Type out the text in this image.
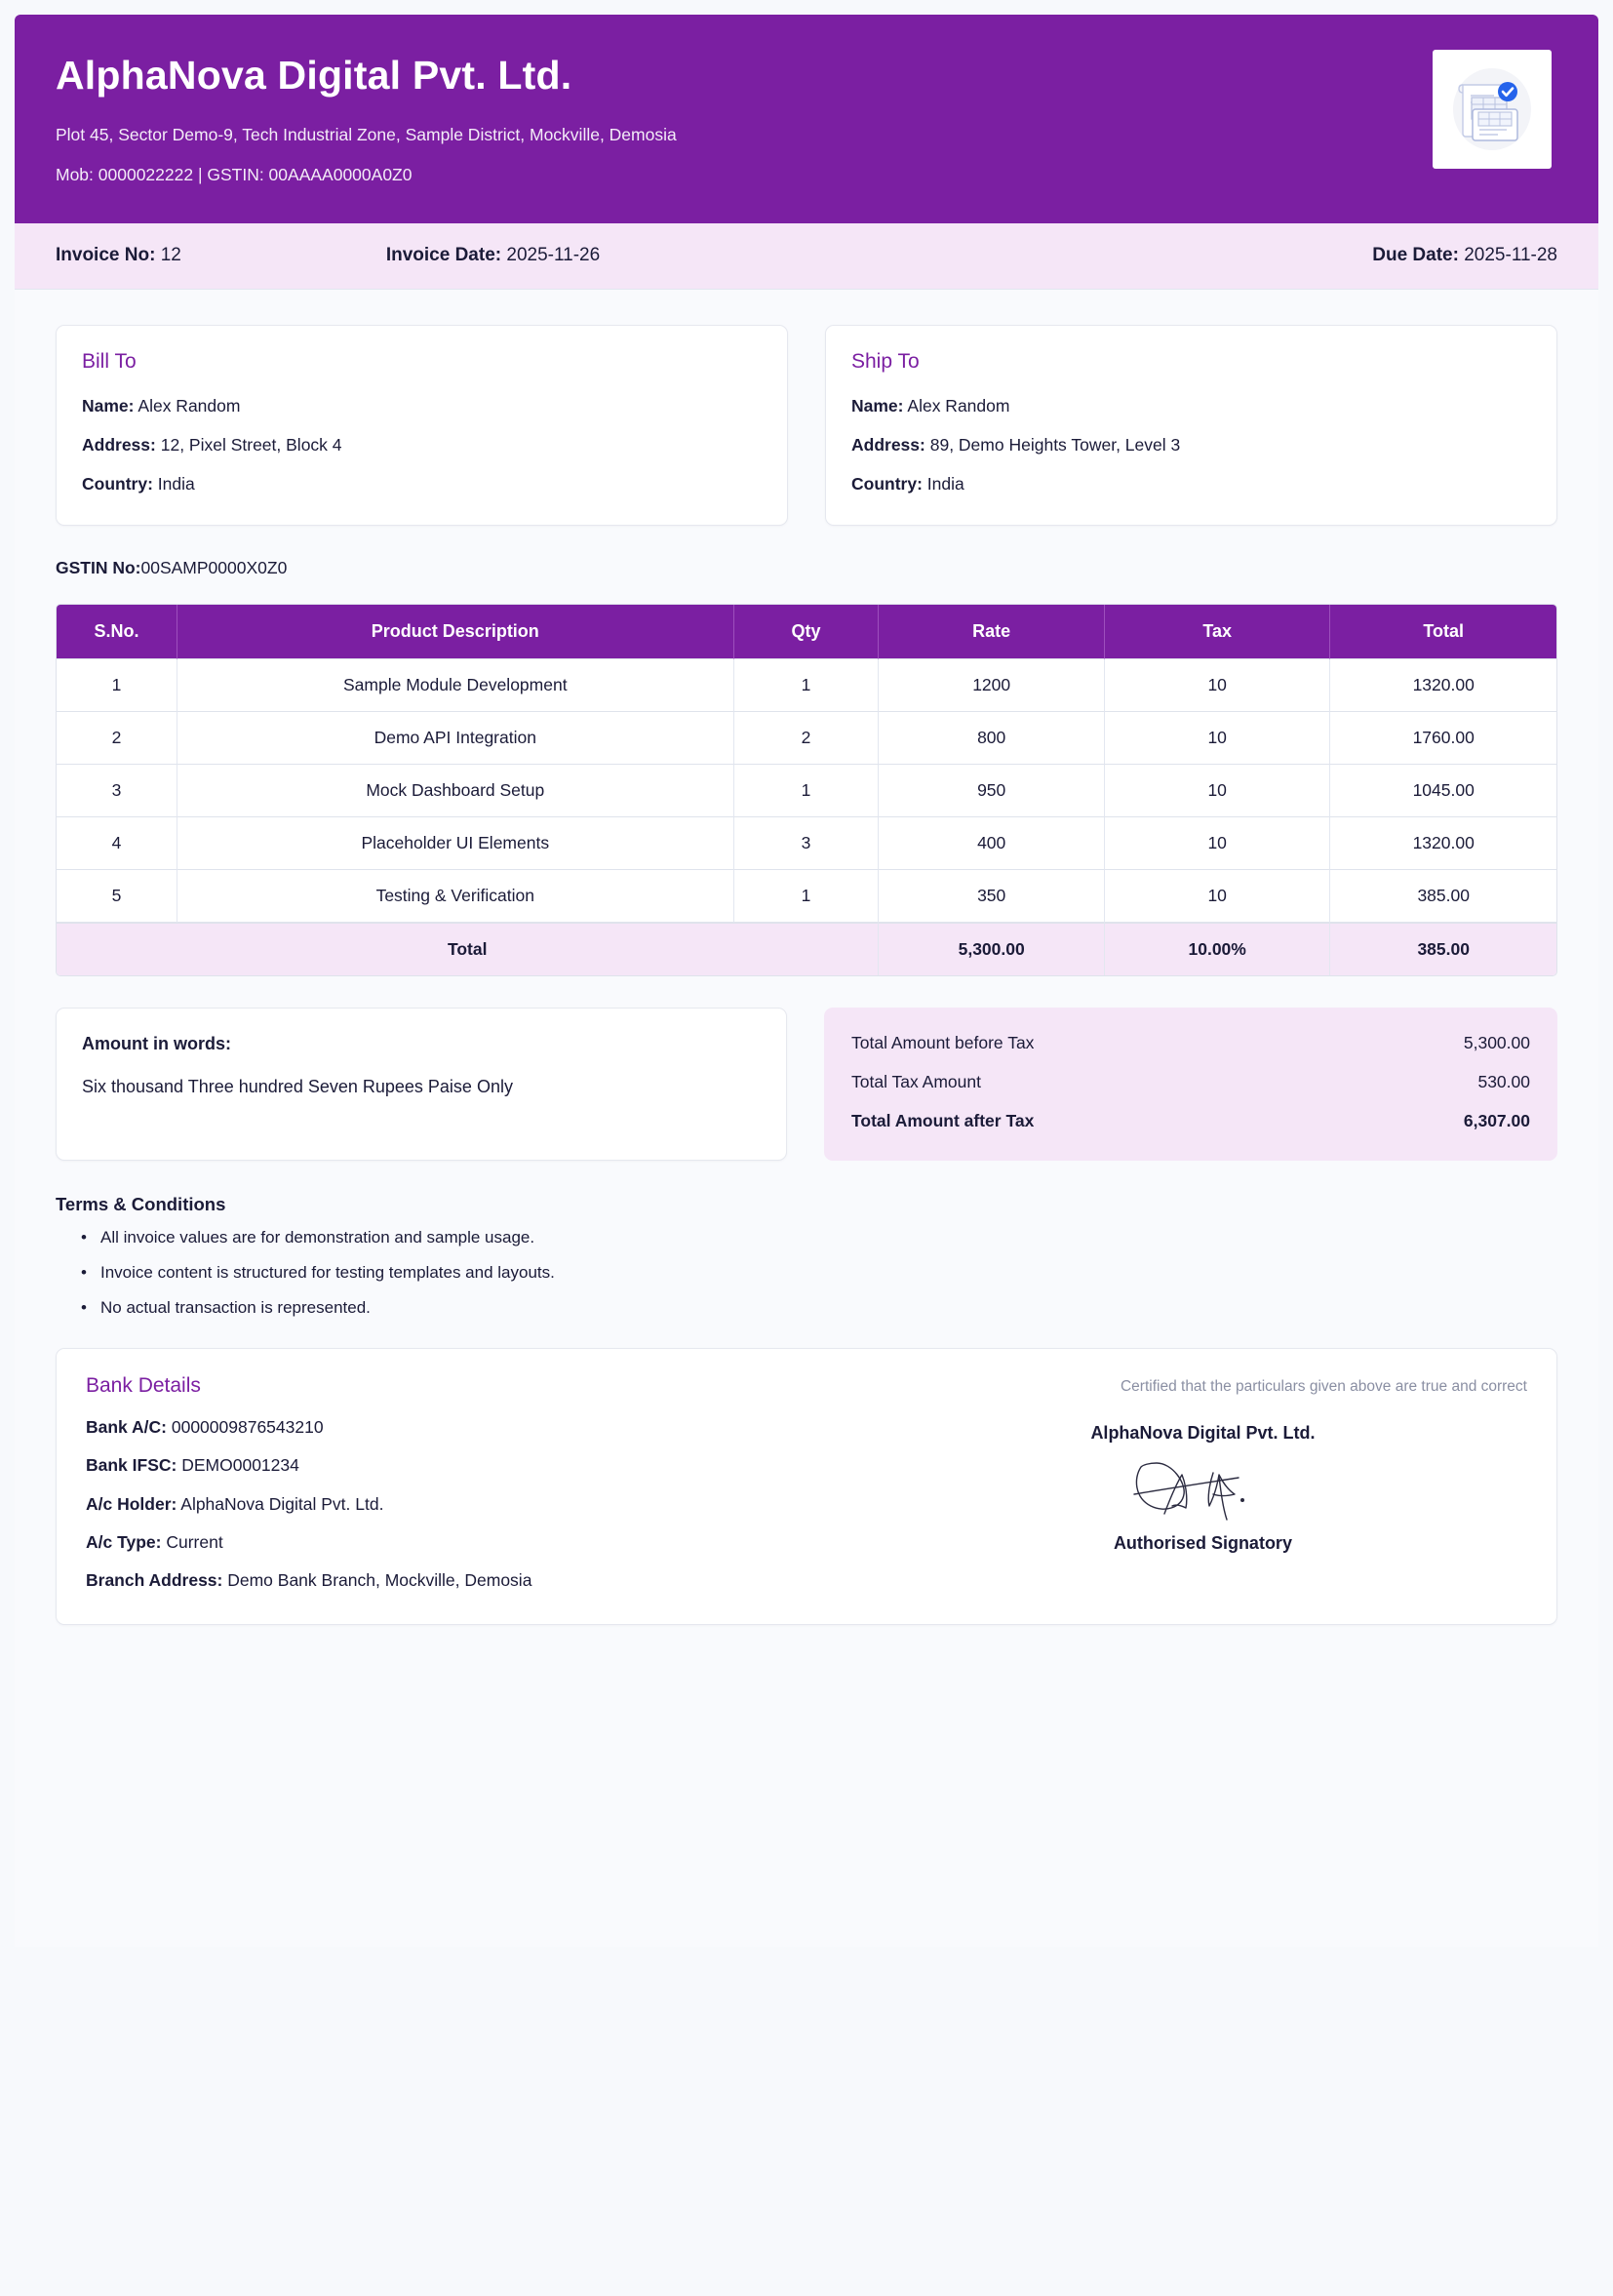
AlphaNova Digital Pvt. Ltd.

Plot 45, Sector Demo-9, Tech Industrial Zone, Sample District, Mockville, Demosia

Mob: 0000022222 | GSTIN: 00AAAA0000A0Z0

Invoice No: 12	Invoice Date: 2025-11-26	Due Date: 2025-11-28
Bill To

Name: Alex Random

Address: 12, Pixel Street, Block 4

Country: India

Ship To

Name: Alex Random

Address: 89, Demo Heights Tower, Level 3

Country: India

GSTIN No:00SAMP0000X0Z0
S.No.	Product Description	Qty	Rate	Tax	Total
1	Sample Module Development	1	1200	10	1320.00
2	Demo API Integration	2	800	10	1760.00
3	Mock Dashboard Setup	1	950	10	1045.00
4	Placeholder UI Elements	3	400	10	1320.00
5	Testing & Verification	1	350	10	385.00
Total			5,300.00	10.00%	385.00

Amount in words:

Six thousand Three hundred Seven Rupees Paise Only

Total Amount before Tax	5,300.00
Total Tax Amount	530.00
Total Amount after Tax	6,307.00

Terms & Conditions

• All invoice values are for demonstration and sample usage.
• Invoice content is structured for testing templates and layouts.
• No actual transaction is represented.
Bank Details

Bank A/C: 0000009876543210

Bank IFSC: DEMO0001234

A/c Holder: AlphaNova Digital Pvt. Ltd.

A/c Type: Current

Branch Address: Demo Bank Branch, Mockville, Demosia

Certified that the particulars given above are true and correct

AlphaNova Digital Pvt. Ltd.

Authorised Signatory
